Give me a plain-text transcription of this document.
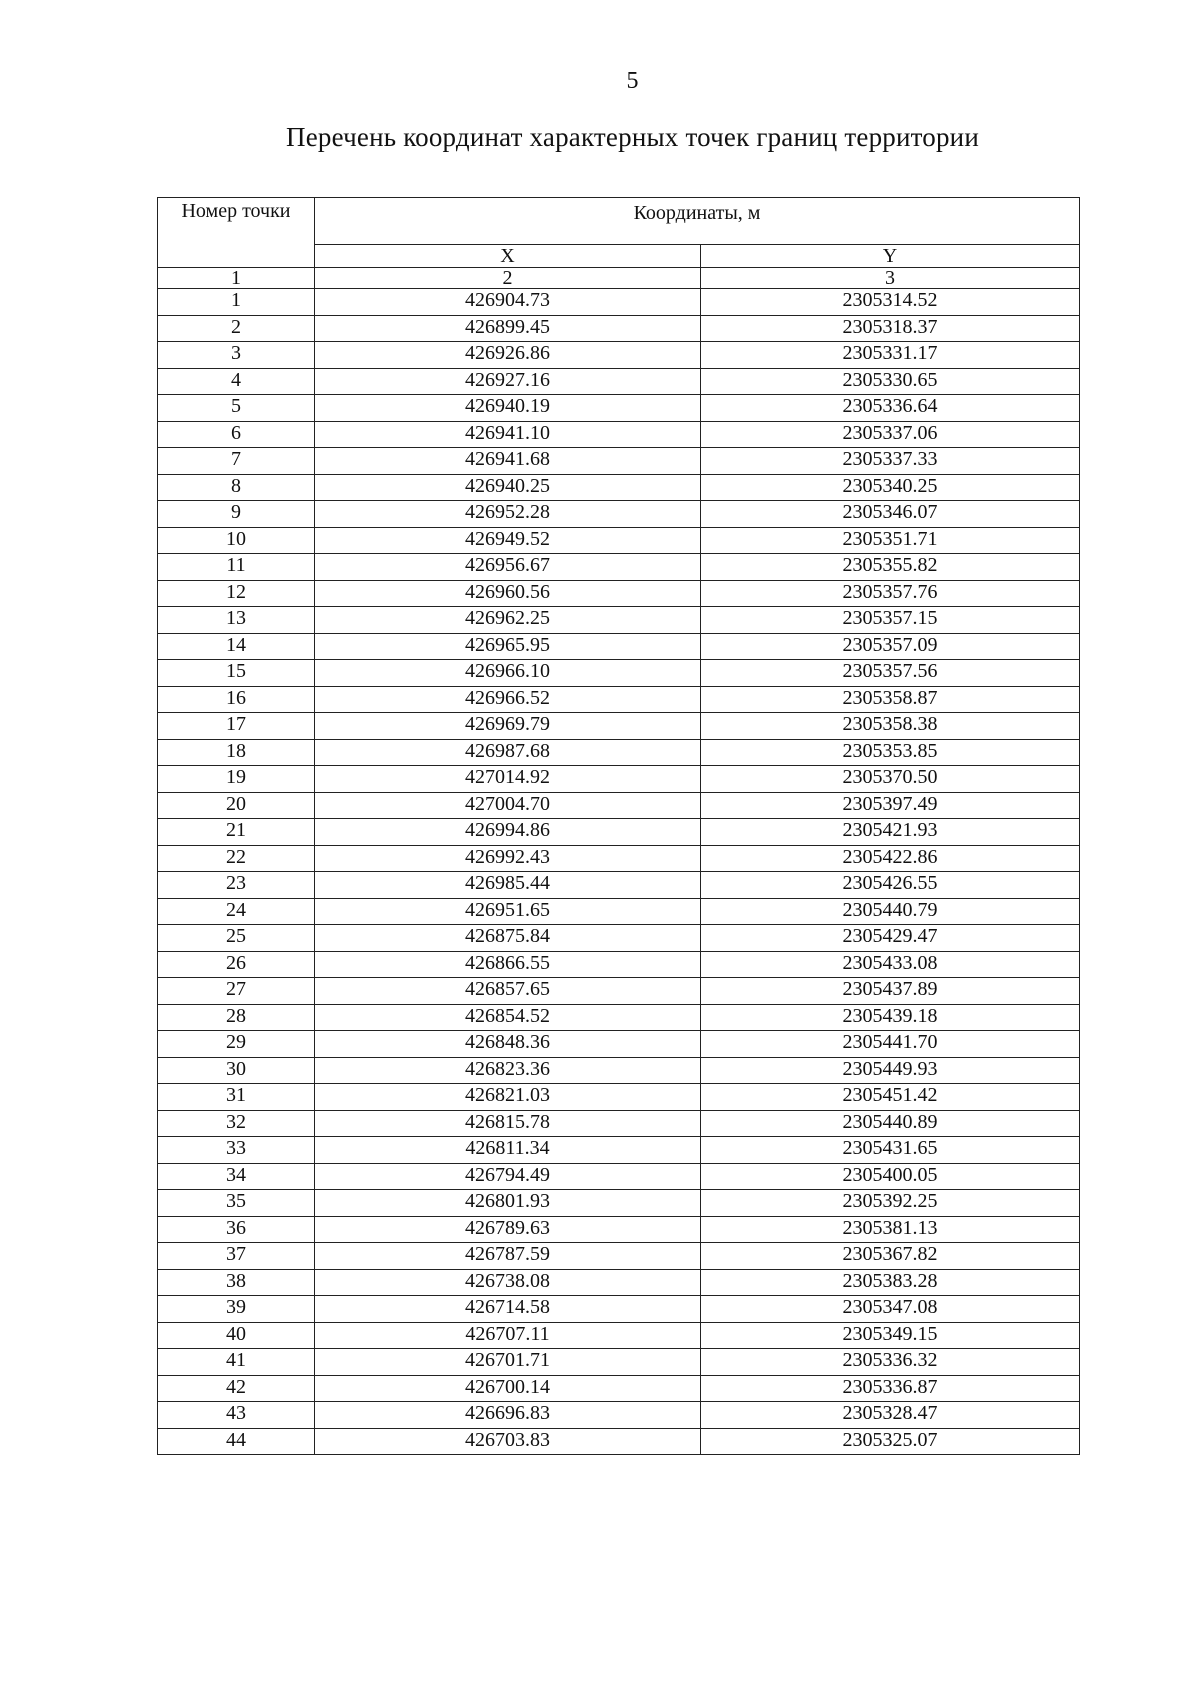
5
Перечень координат характерных точек границ территории
Номер точки	Координаты, м	
	X	Y
1	2	3
1	426904.73	2305314.52
2	426899.45	2305318.37
3	426926.86	2305331.17
4	426927.16	2305330.65
5	426940.19	2305336.64
6	426941.10	2305337.06
7	426941.68	2305337.33
8	426940.25	2305340.25
9	426952.28	2305346.07
10	426949.52	2305351.71
11	426956.67	2305355.82
12	426960.56	2305357.76
13	426962.25	2305357.15
14	426965.95	2305357.09
15	426966.10	2305357.56
16	426966.52	2305358.87
17	426969.79	2305358.38
18	426987.68	2305353.85
19	427014.92	2305370.50
20	427004.70	2305397.49
21	426994.86	2305421.93
22	426992.43	2305422.86
23	426985.44	2305426.55
24	426951.65	2305440.79
25	426875.84	2305429.47
26	426866.55	2305433.08
27	426857.65	2305437.89
28	426854.52	2305439.18
29	426848.36	2305441.70
30	426823.36	2305449.93
31	426821.03	2305451.42
32	426815.78	2305440.89
33	426811.34	2305431.65
34	426794.49	2305400.05
35	426801.93	2305392.25
36	426789.63	2305381.13
37	426787.59	2305367.82
38	426738.08	2305383.28
39	426714.58	2305347.08
40	426707.11	2305349.15
41	426701.71	2305336.32
42	426700.14	2305336.87
43	426696.83	2305328.47
44	426703.83	2305325.07
